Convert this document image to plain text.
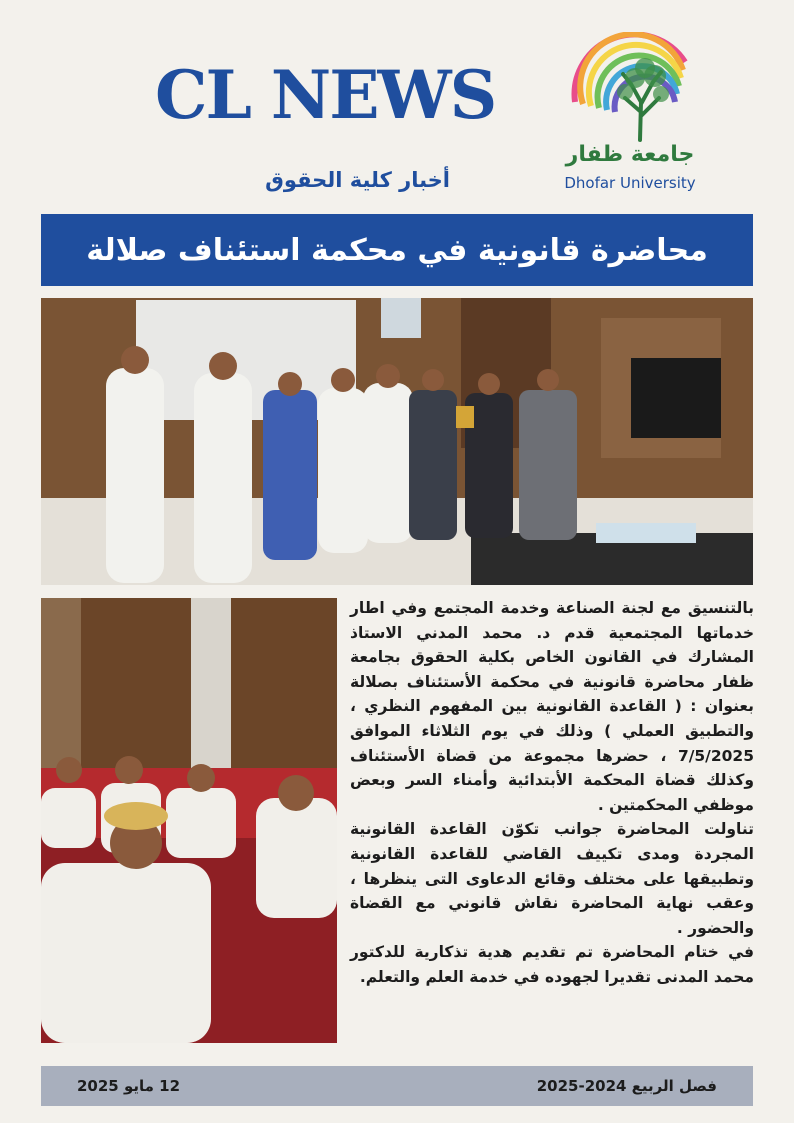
CL NEWS
أخبار كلية الحقوق
جامعة ظفار
Dhofar University
محاضرة قانونية في محكمة استئناف صلالة

بالتنسيق مع لجنة الصناعة وخدمة المجتمع وفي اطار خدماتها المجتمعية قدم د. محمد المدني الاستاذ المشارك في القانون الخاص بكلية الحقوق بجامعة ظفار محاضرة قانونية في محكمة الأستئناف بصلالة بعنوان : ( القاعدة القانونية بين المفهوم النظري ، والتطبيق العملي ) وذلك في يوم الثلاثاء الموافق 7/5/2025 ، حضرها مجموعة من قضاة الأستئناف وكذلك قضاة المحكمة الأبتدائية وأمناء السر وبعض موظفي المحكمتين .

تناولت المحاضرة جوانب تكوّن القاعدة القانونية المجردة ومدى تكييف القاضي للقاعدة القانونية وتطبيقها على مختلف وقائع الدعاوى التى ينظرها ، وعقب نهاية المحاضرة نقاش قانوني مع القضاة والحضور .

في ختام المحاضرة تم تقديم هدية تذكارية للدكتور محمد المدنى تقديرا لجهوده في خدمة العلم والتعلم.

12 مايو 2025	فصل الربيع 2024-2025
